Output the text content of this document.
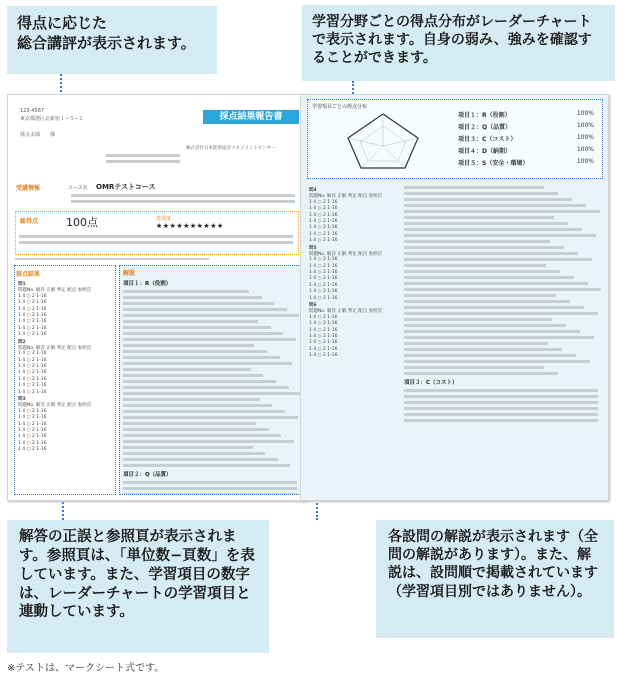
得点に応じた
総合講評が表示されます。
学習分野ごとの得点分布がレーダーチャートで表示されます。自身の弱み、強みを確認することができます。
解答の正誤と参照頁が表示されます。参照頁は、「単位数−頁数」を表しています。また、学習項目の数字は、レーダーチャートの学習項目と連動しています。
各設問の解説が表示されます（全問の解説があります）。また、解説は、設問順で掲載されています（学習項目別ではありません）。
※テストは、マークシート式です。
123-4567
東京都港区北新宿１−５−２

採点太郎　　様
採点結果報告書
株式会社日本能率協会マネジメントセンター
受講情報	コース名 OMRテストコース
総得点	100点	達成度
★★★★★★★★★★
採点結果
問1
問題No. 解答 正解 判定 配点 参照頁
1 4 ○ 2 1-16
1 4 ○ 2 1-16
1 4 ○ 2 1-16
1 4 ○ 2 1-16
1 4 ○ 2 1-16
1 4 ○ 2 1-16
1 4 ○ 2 1-16
問2
問題No. 解答 正解 判定 配点 参照頁
1 4 ○ 2 1-16
1 4 ○ 2 1-16
1 4 ○ 2 1-16
1 4 ○ 2 1-16
1 4 ○ 2 1-16
1 4 ○ 2 1-16
1 4 ○ 2 1-16
問3
問題No. 解答 正解 判定 配点 参照頁
1 4 ○ 2 1-16
1 4 ○ 2 1-16
1 4 ○ 2 1-16
1 4 ○ 2 1-16
1 4 ○ 2 1-16
1 4 ○ 2 1-16
1 4 ○ 2 1-16
解説
項目１：R（役割）
項目２：Q（品質）
学習項目ごとの得点分布
項目１：R（役割）	100%
項目２：Q（品質）	100%
項目３：C（コスト）	100%
項目４：D（納期）	100%
項目５：S（安全・環境）	100%
問4
問題No. 解答 正解 判定 配点 参照頁
1 4 ○ 2 1-16
1 4 ○ 2 1-16
1 4 ○ 2 1-16
1 4 ○ 2 1-16
1 4 ○ 2 1-16
1 4 ○ 2 1-16
1 4 ○ 2 1-16
問5
問題No. 解答 正解 判定 配点 参照頁
1 4 ○ 2 1-16
1 4 ○ 2 1-16
1 4 ○ 2 1-16
1 4 ○ 2 1-16
1 4 ○ 2 1-16
1 4 ○ 2 1-16
1 4 ○ 2 1-16
問6
問題No. 解答 正解 判定 配点 参照頁
1 4 ○ 2 1-16
1 4 ○ 2 1-16
1 4 ○ 2 1-16
1 4 ○ 2 1-16
1 4 ○ 2 1-16
1 4 ○ 2 1-16
1 4 ○ 2 1-16
項目３：C（コスト）
